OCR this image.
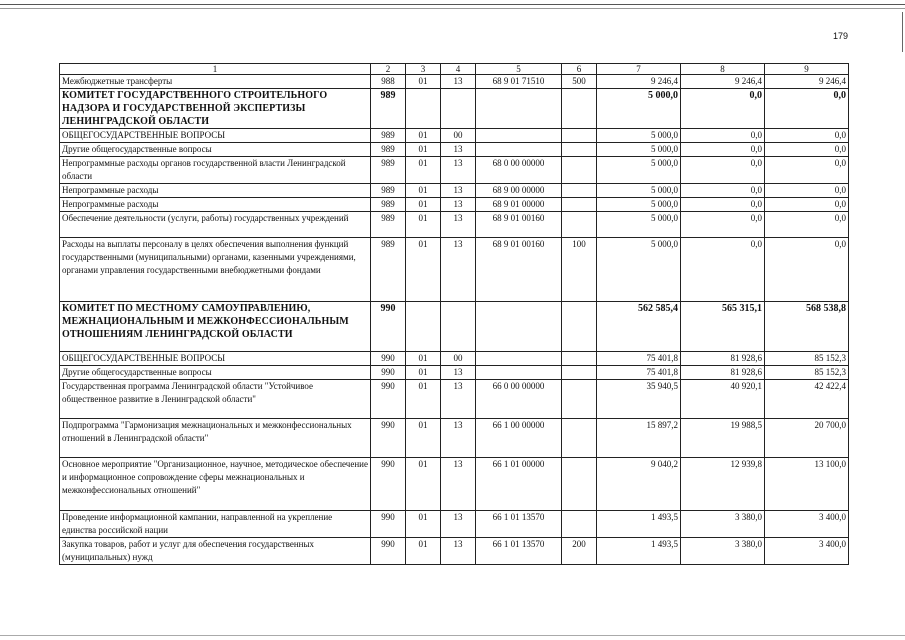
179
1	2	3	4	5	6	7	8	9
Межбюджетные трансферты	988	01	13	68 9 01 71510	500	9 246,4	9 246,4	9 246,4
КОМИТЕТ ГОСУДАРСТВЕННОГО СТРОИТЕЛЬНОГО НАДЗОРА И ГОСУДАРСТВЕННОЙ ЭКСПЕРТИЗЫ ЛЕНИНГРАДСКОЙ ОБЛАСТИ	989					5 000,0	0,0	0,0
ОБЩЕГОСУДАРСТВЕННЫЕ ВОПРОСЫ	989	01	00			5 000,0	0,0	0,0
Другие общегосударственные вопросы	989	01	13			5 000,0	0,0	0,0
Непрограммные расходы органов государственной власти Ленинградской области	989	01	13	68 0 00 00000		5 000,0	0,0	0,0
Непрограммные расходы	989	01	13	68 9 00 00000		5 000,0	0,0	0,0
Непрограммные расходы	989	01	13	68 9 01 00000		5 000,0	0,0	0,0
Обеспечение деятельности (услуги, работы) государственных учреждений	989	01	13	68 9 01 00160		5 000,0	0,0	0,0
Расходы на выплаты персоналу в целях обеспечения выполнения функций государственными (муниципальными) органами, казенными учреждениями, органами управления государственными внебюджетными фондами	989	01	13	68 9 01 00160	100	5 000,0	0,0	0,0
КОМИТЕТ ПО МЕСТНОМУ САМОУПРАВЛЕНИЮ, МЕЖНАЦИОНАЛЬНЫМ И МЕЖКОНФЕССИОНАЛЬНЫМ ОТНОШЕНИЯМ ЛЕНИНГРАДСКОЙ ОБЛАСТИ	990					562 585,4	565 315,1	568 538,8
ОБЩЕГОСУДАРСТВЕННЫЕ ВОПРОСЫ	990	01	00			75 401,8	81 928,6	85 152,3
Другие общегосударственные вопросы	990	01	13			75 401,8	81 928,6	85 152,3
Государственная программа Ленинградской области "Устойчивое общественное развитие в Ленинградской области"	990	01	13	66 0 00 00000		35 940,5	40 920,1	42 422,4
Подпрограмма "Гармонизация межнациональных и межконфессиональных отношений в Ленинградской области"	990	01	13	66 1 00 00000		15 897,2	19 988,5	20 700,0
Основное мероприятие "Организационное, научное, методическое обеспечение и информационное сопровождение сферы межнациональных и межконфессиональных отношений"	990	01	13	66 1 01 00000		9 040,2	12 939,8	13 100,0
Проведение информационной кампании, направленной на укрепление единства российской нации	990	01	13	66 1 01 13570		1 493,5	3 380,0	3 400,0
Закупка товаров, работ и услуг для обеспечения государственных (муниципальных) нужд	990	01	13	66 1 01 13570	200	1 493,5	3 380,0	3 400,0
